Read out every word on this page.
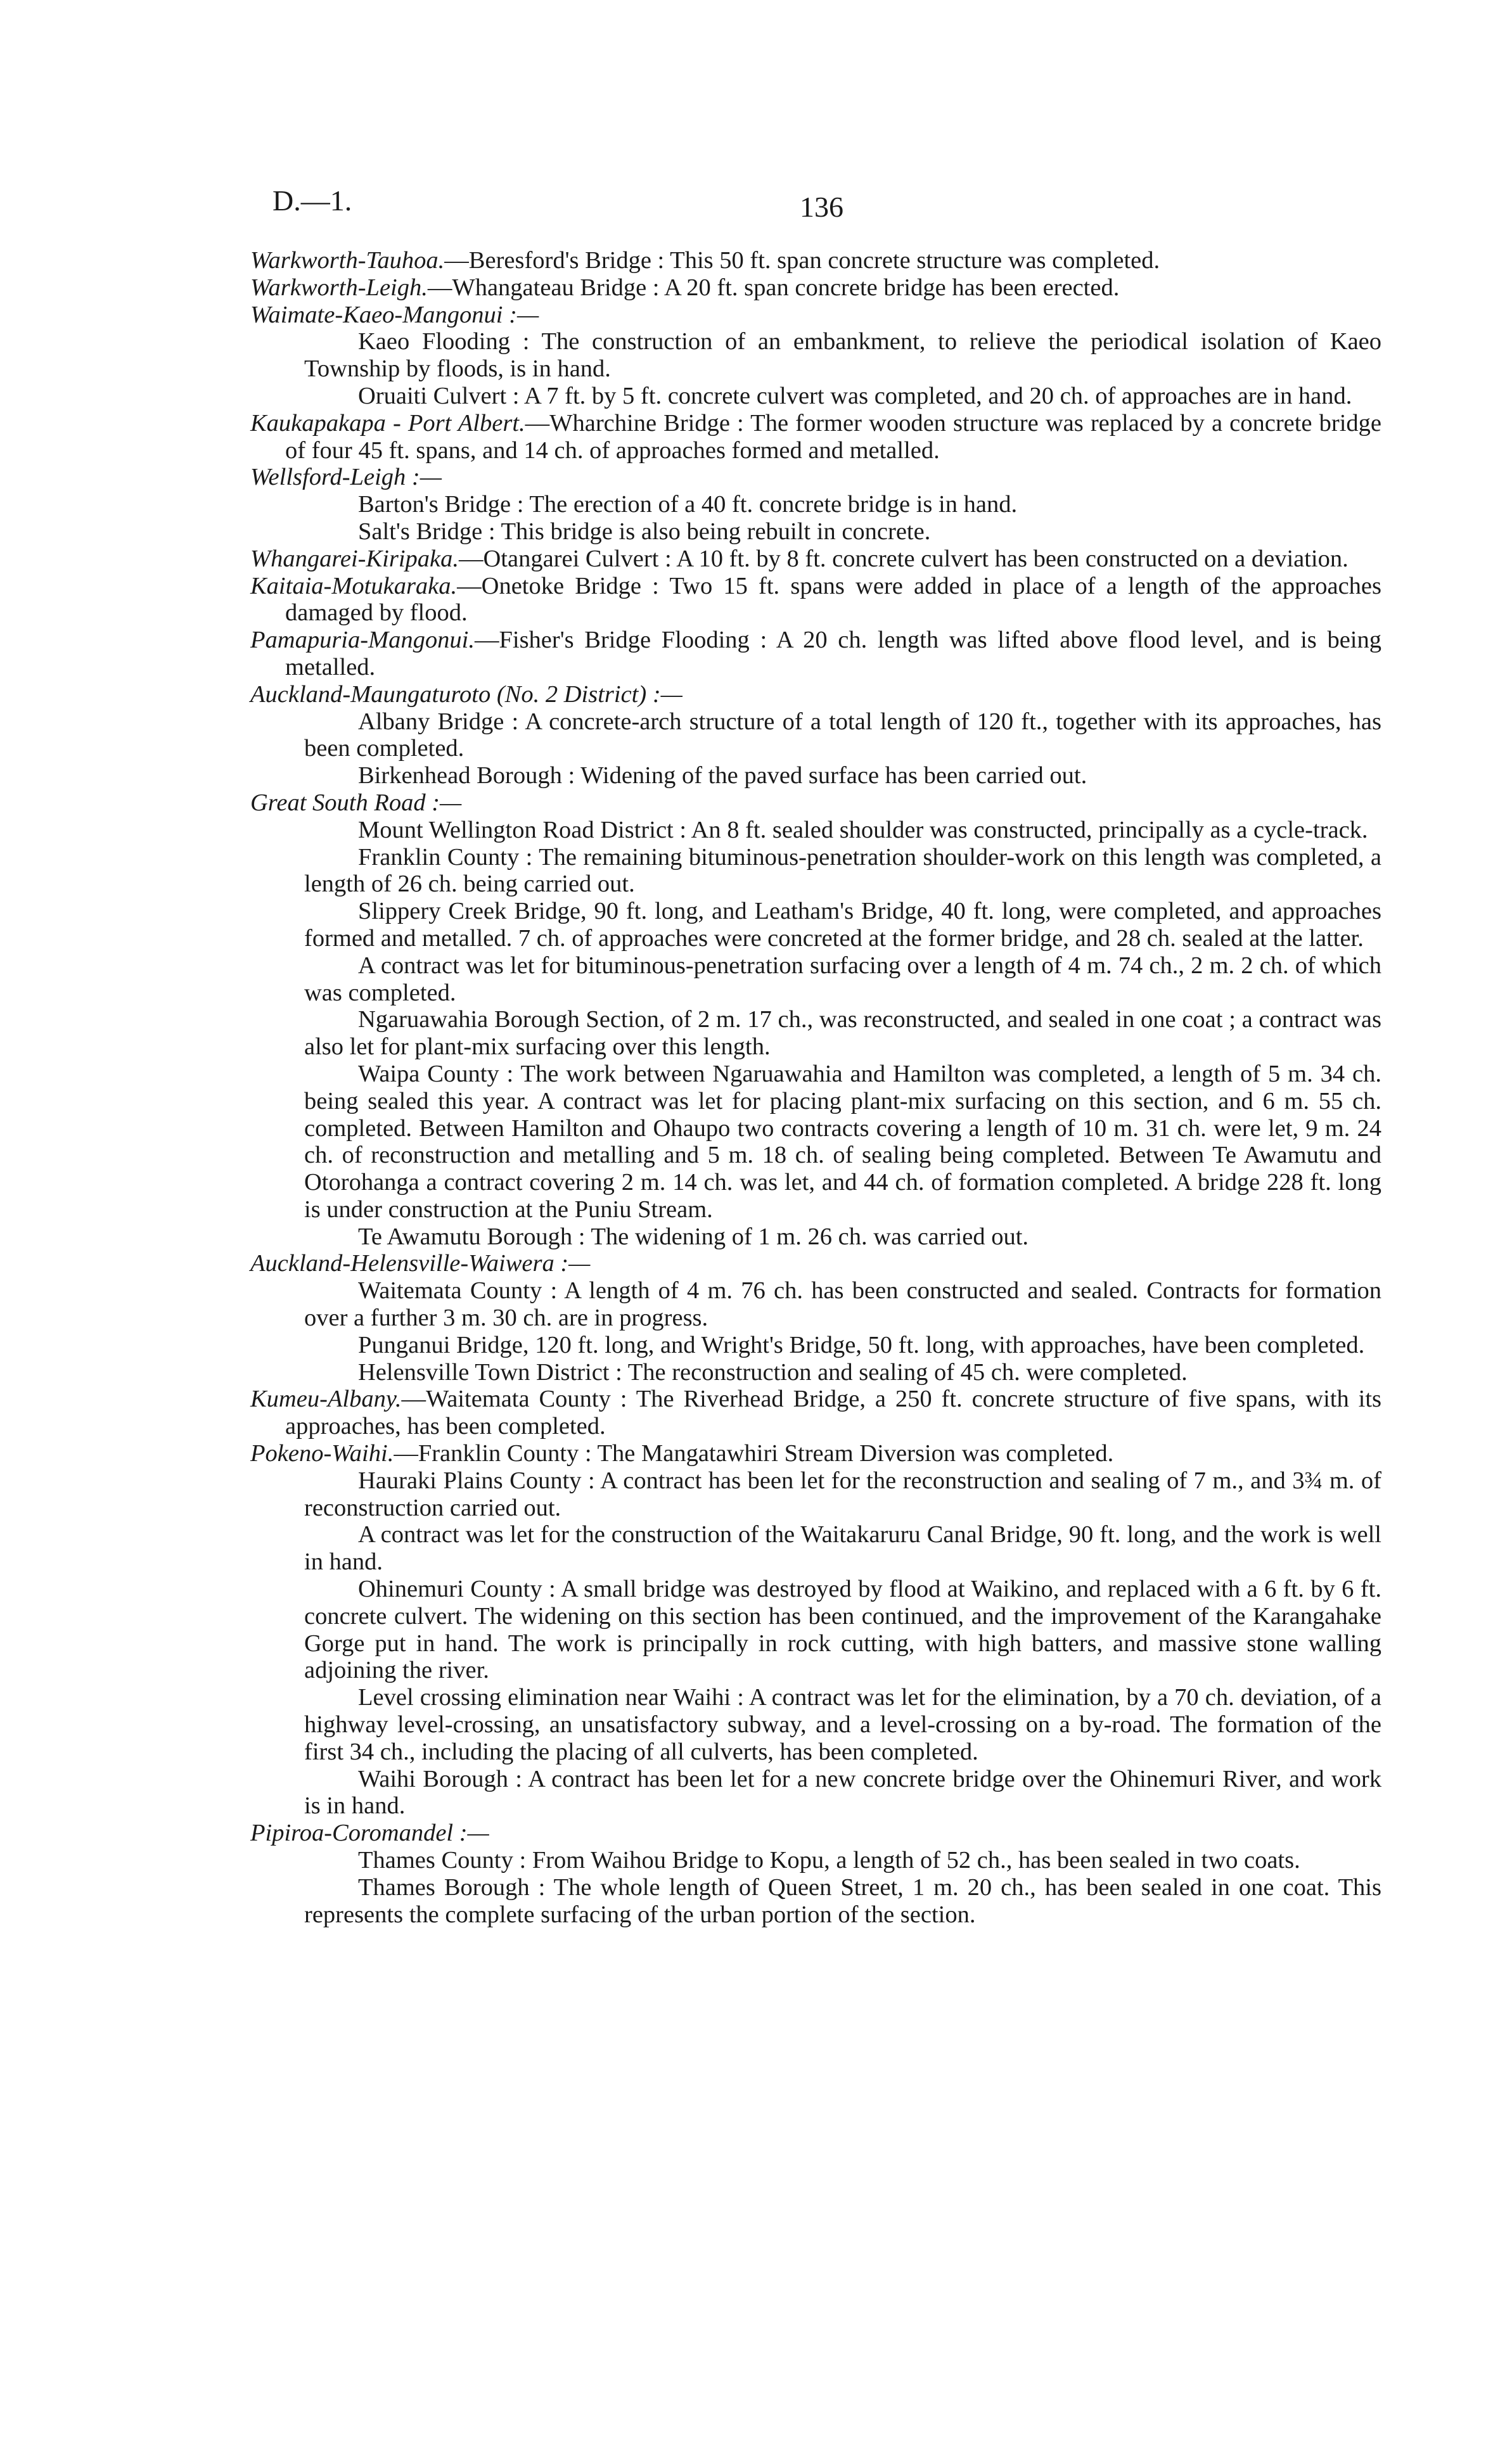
D.—1.	136

Warkworth-Tauhoa.—Beresford's Bridge : This 50 ft. span concrete structure was completed.

Warkworth-Leigh.—Whangateau Bridge : A 20 ft. span concrete bridge has been erected.

Waimate-Kaeo-Mangonui :—

Kaeo Flooding : The construction of an embankment, to relieve the periodical isolation of Kaeo Township by floods, is in hand.

Oruaiti Culvert : A 7 ft. by 5 ft. concrete culvert was completed, and 20 ch. of approaches are in hand.

Kaukapakapa - Port Albert.—Wharchine Bridge : The former wooden structure was replaced by a concrete bridge of four 45 ft. spans, and 14 ch. of approaches formed and metalled.

Wellsford-Leigh :—

Barton's Bridge : The erection of a 40 ft. concrete bridge is in hand.

Salt's Bridge : This bridge is also being rebuilt in concrete.

Whangarei-Kiripaka.—Otangarei Culvert : A 10 ft. by 8 ft. concrete culvert has been constructed on a deviation.

Kaitaia-Motukaraka.—Onetoke Bridge : Two 15 ft. spans were added in place of a length of the approaches damaged by flood.

Pamapuria-Mangonui.—Fisher's Bridge Flooding : A 20 ch. length was lifted above flood level, and is being metalled.

Auckland-Maungaturoto (No. 2 District) :—

Albany Bridge : A concrete-arch structure of a total length of 120 ft., together with its approaches, has been completed.

Birkenhead Borough : Widening of the paved surface has been carried out.

Great South Road :—

Mount Wellington Road District : An 8 ft. sealed shoulder was constructed, principally as a cycle-track.

Franklin County : The remaining bituminous-penetration shoulder-work on this length was completed, a length of 26 ch. being carried out.

Slippery Creek Bridge, 90 ft. long, and Leatham's Bridge, 40 ft. long, were completed, and approaches formed and metalled. 7 ch. of approaches were concreted at the former bridge, and 28 ch. sealed at the latter.

A contract was let for bituminous-penetration surfacing over a length of 4 m. 74 ch., 2 m. 2 ch. of which was completed.

Ngaruawahia Borough Section, of 2 m. 17 ch., was reconstructed, and sealed in one coat ; a contract was also let for plant-mix surfacing over this length.

Waipa County : The work between Ngaruawahia and Hamilton was completed, a length of 5 m. 34 ch. being sealed this year. A contract was let for placing plant-mix surfacing on this section, and 6 m. 55 ch. completed. Between Hamilton and Ohaupo two contracts covering a length of 10 m. 31 ch. were let, 9 m. 24 ch. of reconstruction and metalling and 5 m. 18 ch. of sealing being completed. Between Te Awamutu and Otorohanga a contract covering 2 m. 14 ch. was let, and 44 ch. of formation completed. A bridge 228 ft. long is under construction at the Puniu Stream.

Te Awamutu Borough : The widening of 1 m. 26 ch. was carried out.

Auckland-Helensville-Waiwera :—

Waitemata County : A length of 4 m. 76 ch. has been constructed and sealed. Contracts for formation over a further 3 m. 30 ch. are in progress.

Punganui Bridge, 120 ft. long, and Wright's Bridge, 50 ft. long, with approaches, have been completed.

Helensville Town District : The reconstruction and sealing of 45 ch. were completed.

Kumeu-Albany.—Waitemata County : The Riverhead Bridge, a 250 ft. concrete structure of five spans, with its approaches, has been completed.

Pokeno-Waihi.—Franklin County : The Mangatawhiri Stream Diversion was completed.

Hauraki Plains County : A contract has been let for the reconstruction and sealing of 7 m., and 3¾ m. of reconstruction carried out.

A contract was let for the construction of the Waitakaruru Canal Bridge, 90 ft. long, and the work is well in hand.

Ohinemuri County : A small bridge was destroyed by flood at Waikino, and replaced with a 6 ft. by 6 ft. concrete culvert. The widening on this section has been continued, and the improvement of the Karangahake Gorge put in hand. The work is principally in rock cutting, with high batters, and massive stone walling adjoining the river.

Level crossing elimination near Waihi : A contract was let for the elimination, by a 70 ch. deviation, of a highway level-crossing, an unsatisfactory subway, and a level-crossing on a by-road. The formation of the first 34 ch., including the placing of all culverts, has been completed.

Waihi Borough : A contract has been let for a new concrete bridge over the Ohinemuri River, and work is in hand.

Pipiroa-Coromandel :—

Thames County : From Waihou Bridge to Kopu, a length of 52 ch., has been sealed in two coats.

Thames Borough : The whole length of Queen Street, 1 m. 20 ch., has been sealed in one coat. This represents the complete surfacing of the urban portion of the section.
